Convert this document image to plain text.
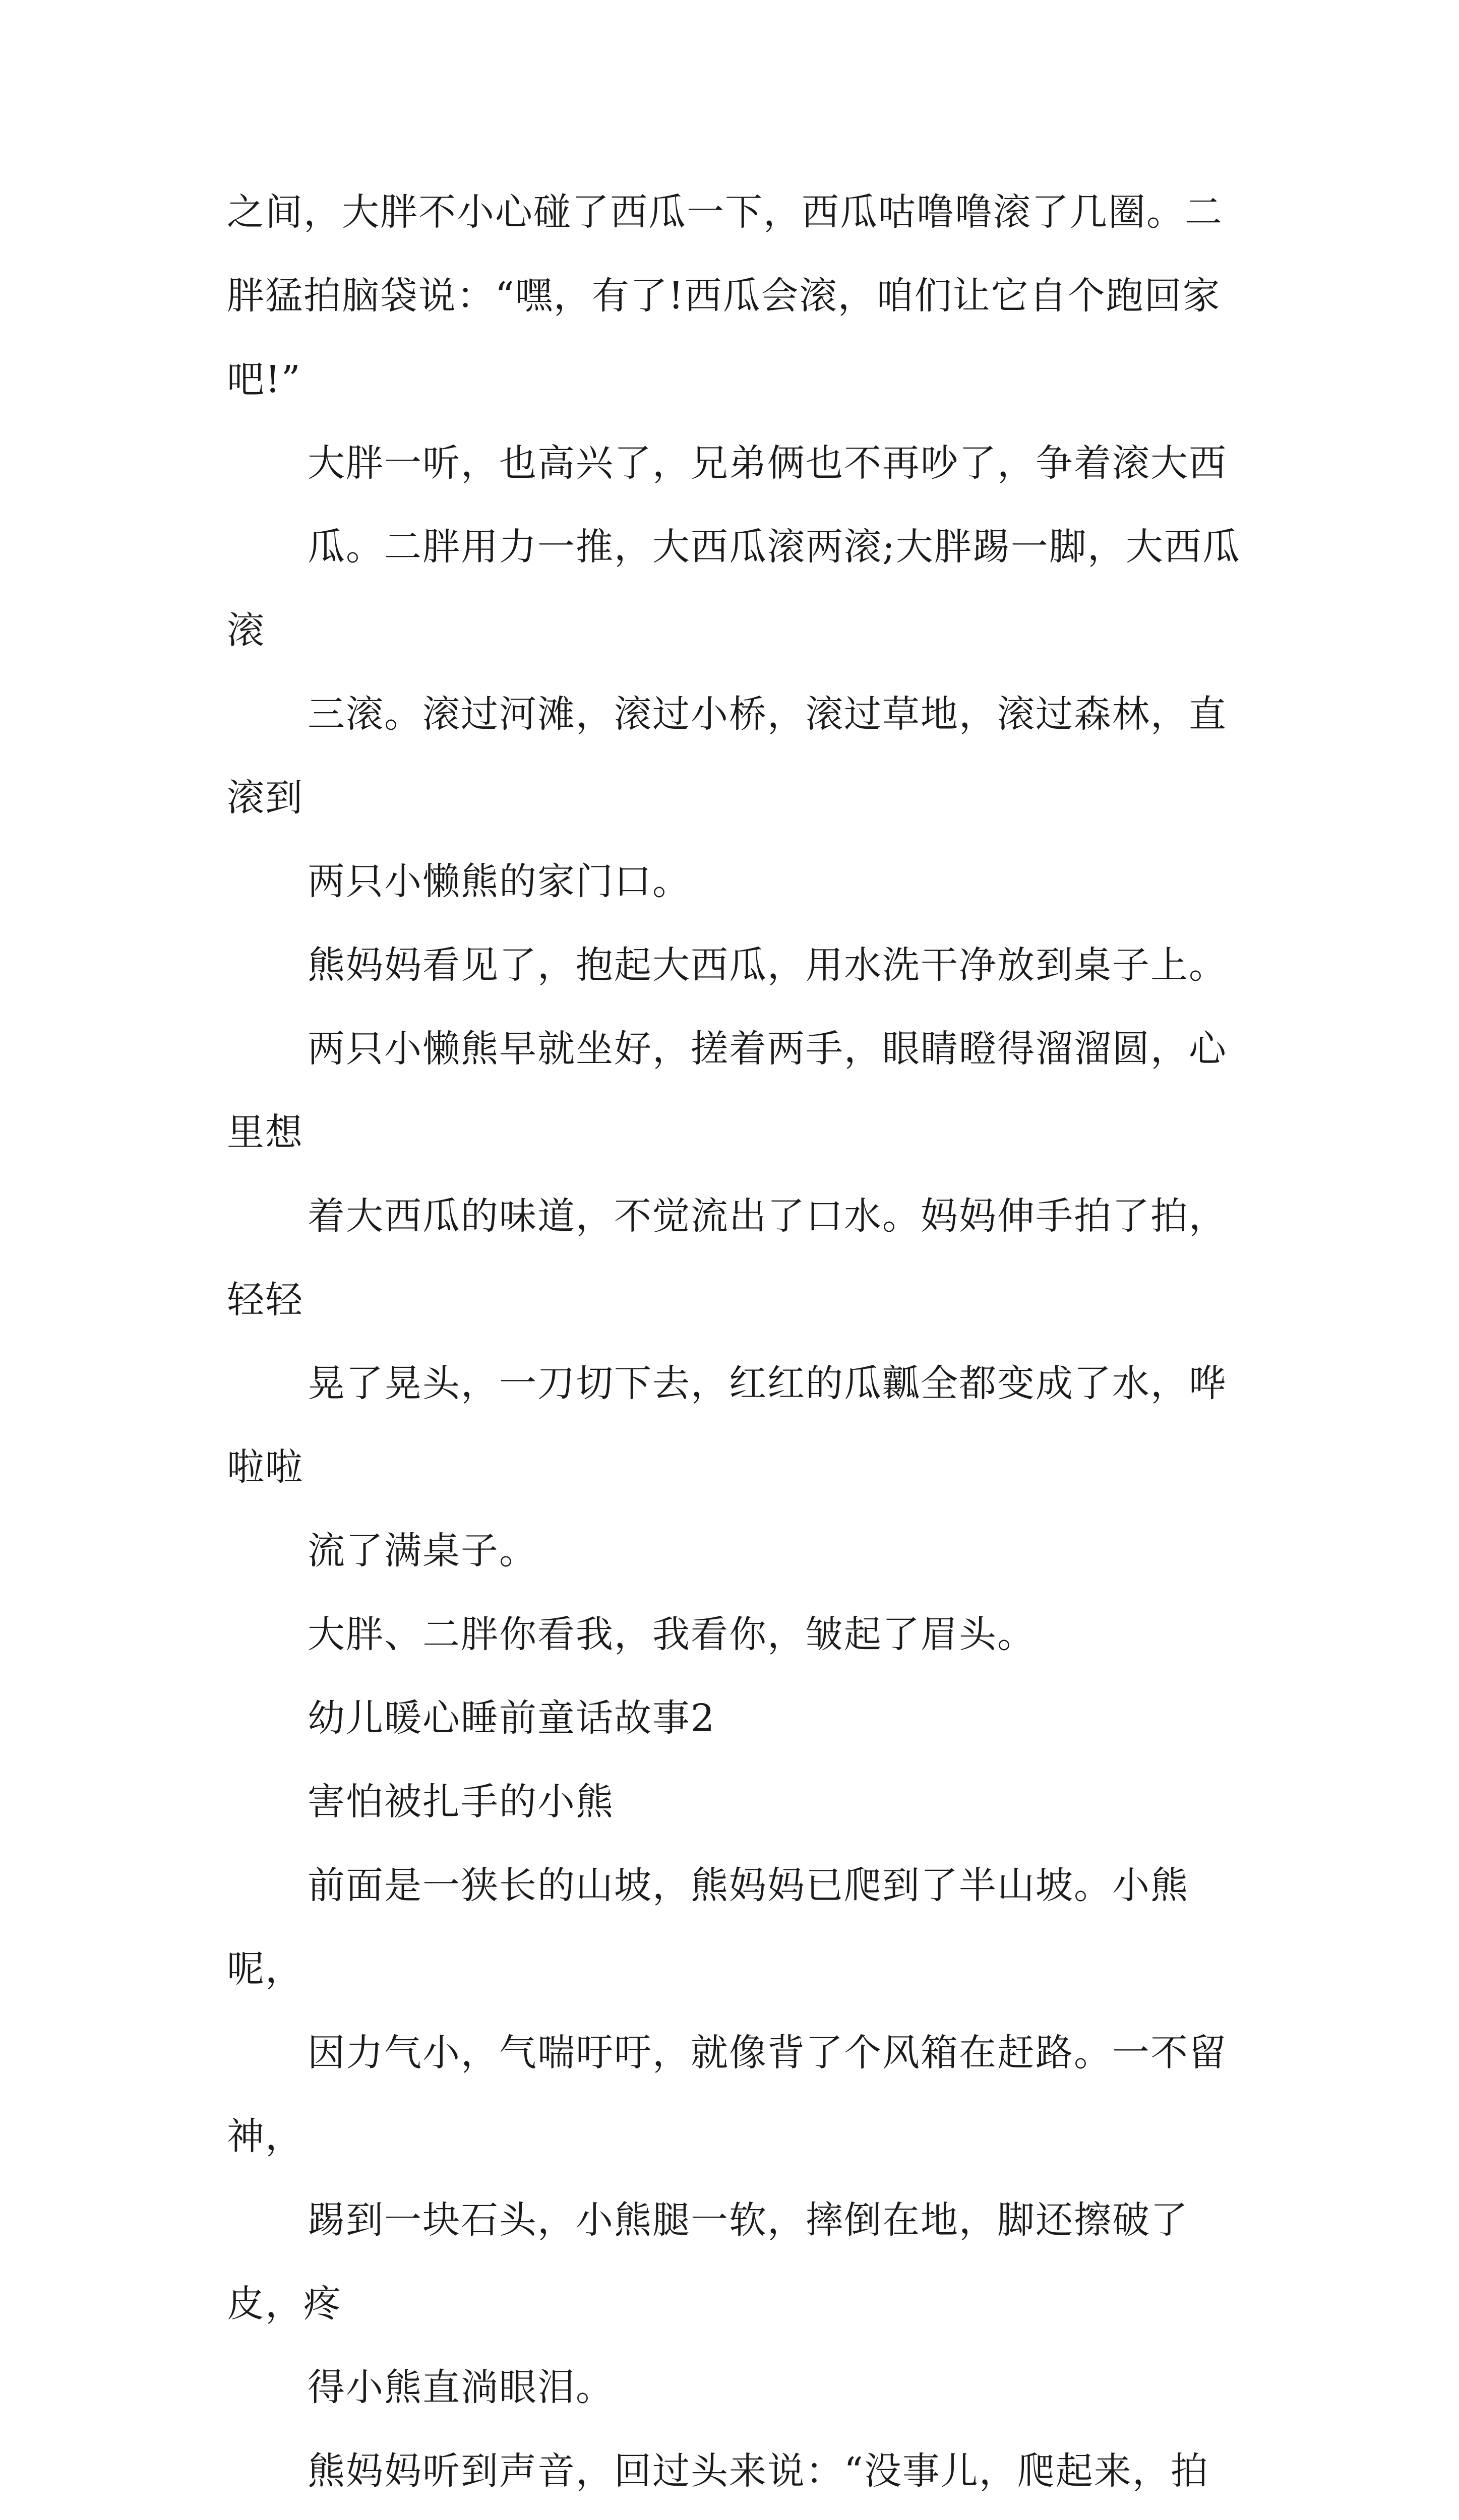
之间，大胖不小心碰了西瓜一下，西瓜咕噜噜滚了几圈。二
胖猛拍脑袋说：“嘿，有了!西瓜会滚，咱们让它自个跑回家
吧!”
大胖一听，也高兴了，兄弟俩也不再吵了，争着滚大西
瓜。二胖用力一推，大西瓜滚两滚;大胖踢一脚，大西瓜滚
三滚。滚过河滩，滚过小桥，滚过草地，滚过森林，直滚到
两只小懒熊的家门口。
熊妈妈看见了，抱起大西瓜，用水洗干净放到桌子上。
两只小懒熊早就坐好，搓着两手，眼睛瞪得溜溜圆，心里想
着大西瓜的味道，不觉流出了口水。妈妈伸手拍了拍，轻轻
晃了晃头，一刀切下去，红红的瓜瓤全都变成了水，哗啦啦
流了满桌子。
大胖、二胖你看我，我看你，皱起了眉头。
幼儿暖心睡前童话故事2
害怕被扎手的小熊
前面是一狭长的山坡，熊妈妈已爬到了半山坡。小熊呢，
因力气小，气喘吁吁，就像背了个风箱在赶路。一不留神，
踢到一块石头，小熊腿一软，摔倒在地，脚还擦破了皮，疼
得小熊直淌眼泪。
熊妈妈听到声音，回过头来说：“没事儿，爬起来，拍
